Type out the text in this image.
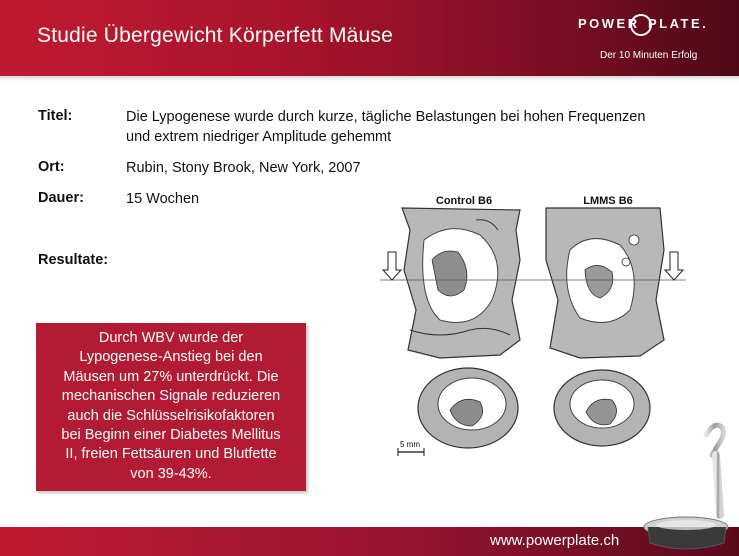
Studie Übergewicht Körperfett Mäuse
POWER PLATE.
Der 10 Minuten Erfolg
Titel:	Die Lypogenese wurde durch kurze, tägliche Belastungen bei hohen Frequenzen
und extrem niedriger Amplitude gehemmt
Ort:	Rubin, Stony Brook, New York, 2007
Dauer:	15 Wochen
Resultate:
Durch WBV wurde der
Lypogenese-Anstieg bei den
Mäusen um 27% unterdrückt. Die
mechanischen Signale reduzieren
auch die Schlüsselrisikofaktoren
bei Beginn einer Diabetes Mellitus
II, freien Fettsäuren und Blutfette
von 39-43%.
Control B6	LMMS B6
5 mm
www.powerplate.ch
